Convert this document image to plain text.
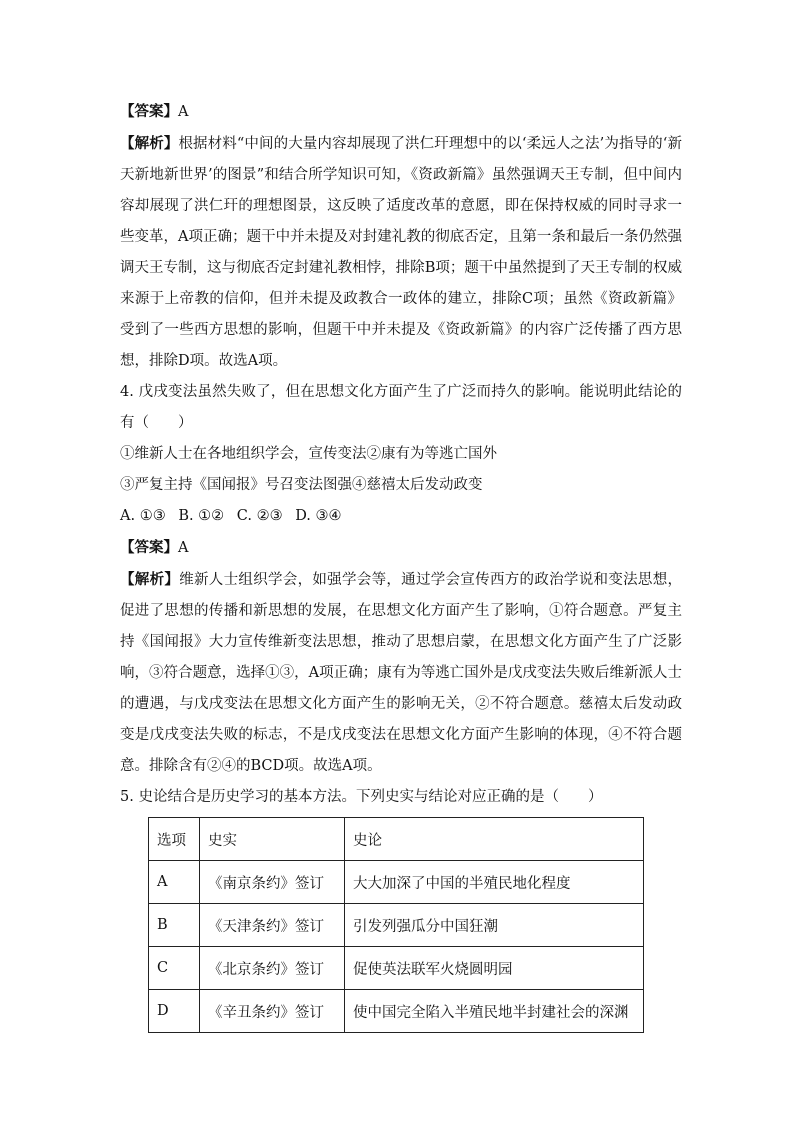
【答案】A

【解析】根据材料“中间的大量内容却展现了洪仁玕理想中的以‘柔远人之法’为指导的‘新天新地新世界’的图景”和结合所学知识可知，《资政新篇》虽然强调天王专制，但中间内容却展现了洪仁玕的理想图景，这反映了适度改革的意愿，即在保持权威的同时寻求一些变革，A项正确；题干中并未提及对封建礼教的彻底否定，且第一条和最后一条仍然强调天王专制，这与彻底否定封建礼教相悖，排除B项；题干中虽然提到了天王专制的权威来源于上帝教的信仰，但并未提及政教合一政体的建立，排除C项；虽然《资政新篇》受到了一些西方思想的影响，但题干中并未提及《资政新篇》的内容广泛传播了西方思想，排除D项。故选A项。

4. 戊戌变法虽然失败了，但在思想文化方面产生了广泛而持久的影响。能说明此结论的有（　　）

①维新人士在各地组织学会，宣传变法②康有为等逃亡国外

③严复主持《国闻报》号召变法图强④慈禧太后发动政变

A. ①③ B. ①② C. ②③ D. ③④

【答案】A

【解析】维新人士组织学会，如强学会等，通过学会宣传西方的政治学说和变法思想，促进了思想的传播和新思想的发展，在思想文化方面产生了影响，①符合题意。严复主持《国闻报》大力宣传维新变法思想，推动了思想启蒙，在思想文化方面产生了广泛影响，③符合题意，选择①③，A项正确；康有为等逃亡国外是戊戌变法失败后维新派人士的遭遇，与戊戌变法在思想文化方面产生的影响无关，②不符合题意。慈禧太后发动政变是戊戌变法失败的标志，不是戊戌变法在思想文化方面产生影响的体现，④不符合题意。排除含有②④的BCD项。故选A项。

5. 史论结合是历史学习的基本方法。下列史实与结论对应正确的是（　　）

选项	史实	史论
A	《南京条约》签订	大大加深了中国的半殖民地化程度
B	《天津条约》签订	引发列强瓜分中国狂潮
C	《北京条约》签订	促使英法联军火烧圆明园
D	《辛丑条约》签订	使中国完全陷入半殖民地半封建社会的深渊
